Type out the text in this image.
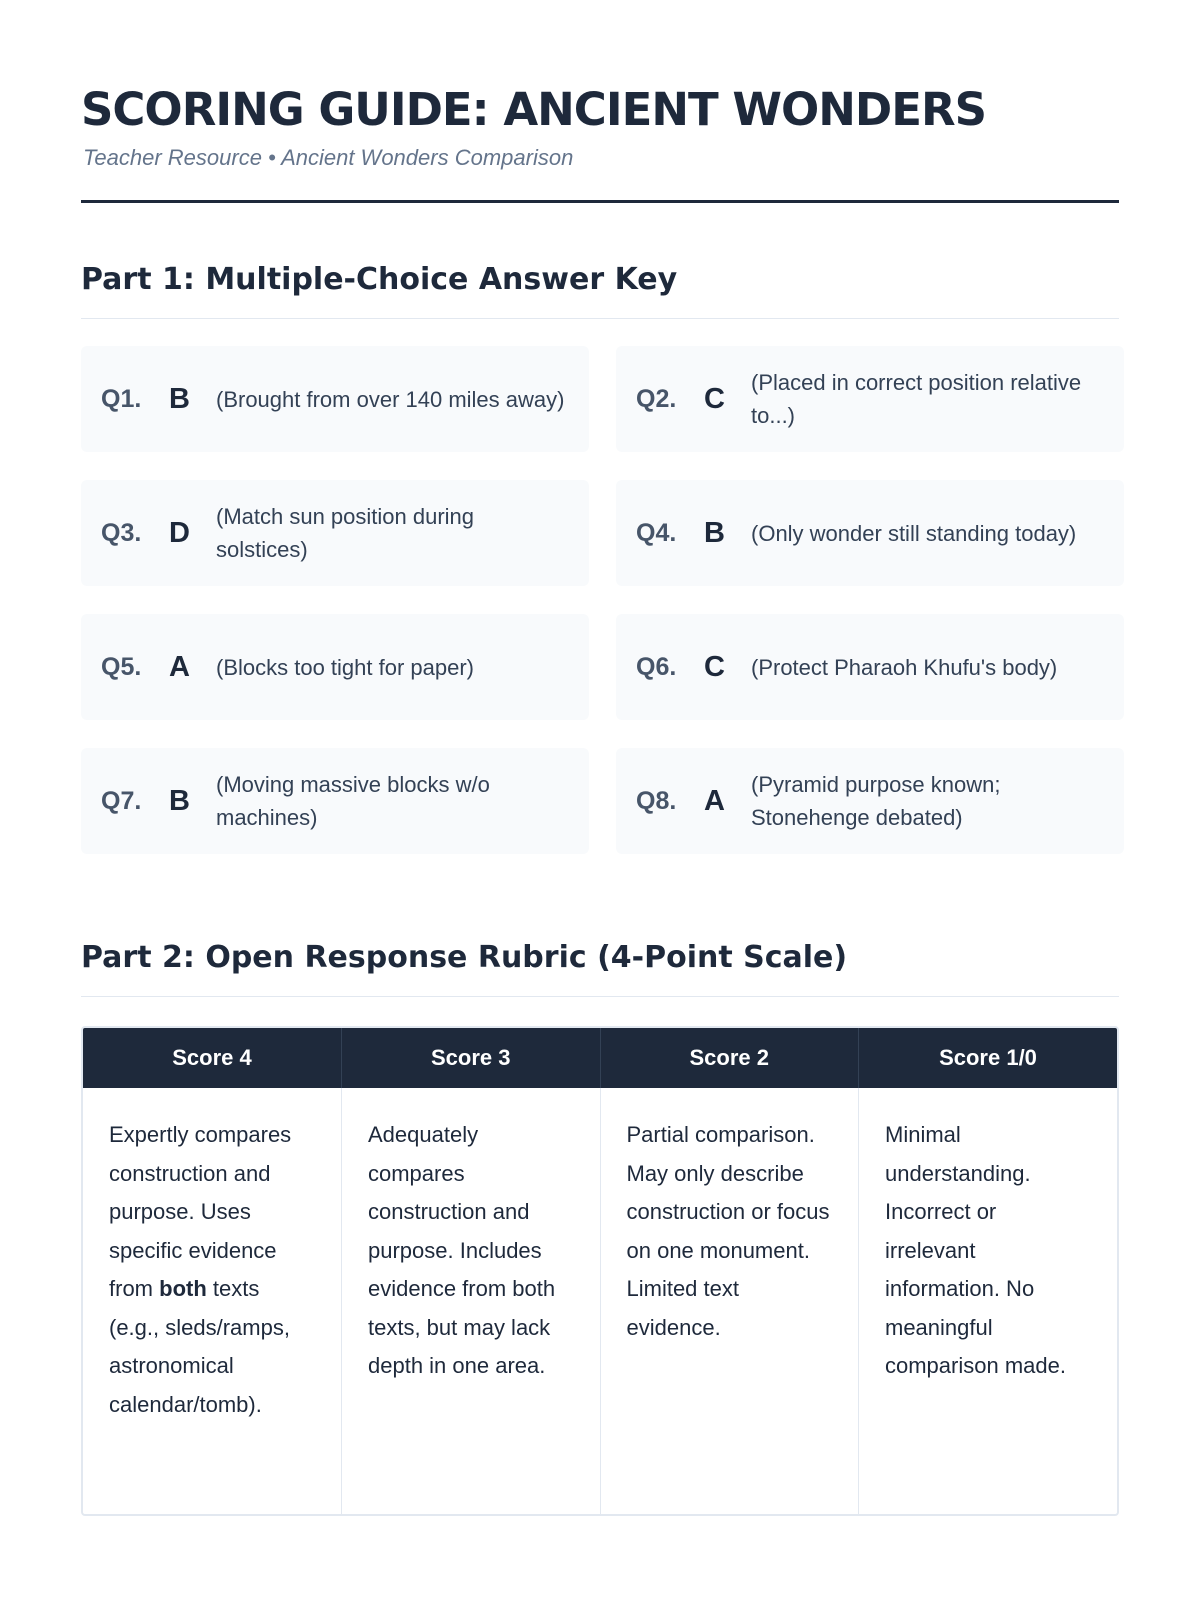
SCORING GUIDE: ANCIENT WONDERS
Teacher Resource • Ancient Wonders Comparison
Part 1: Multiple-Choice Answer Key
Q1. B	(Brought from over 140 miles away)	Q2. C	(Placed in correct position relative to...)
Q3. D	(Match sun position during solstices)
Q4. B	(Only wonder still standing today)
Q5. A	(Blocks too tight for paper)	Q6. C	(Protect Pharaoh Khufu's body)
Q7. B	(Moving massive blocks w/o machines)
Q8. A	(Pyramid purpose known; Stonehenge debated)
Part 2: Open Response Rubric (4-Point Scale)
Score 4	Score 3	Score 2	Score 1/0
Expertly compares construction and purpose. Uses specific evidence from both texts (e.g., sleds/ramps, astronomical calendar/tomb).	Adequately compares construction and purpose. Includes evidence from both texts, but may lack depth in one area.	Partial comparison. May only describe construction or focus on one monument. Limited text evidence.	Minimal understanding. Incorrect or irrelevant information. No meaningful comparison made.
